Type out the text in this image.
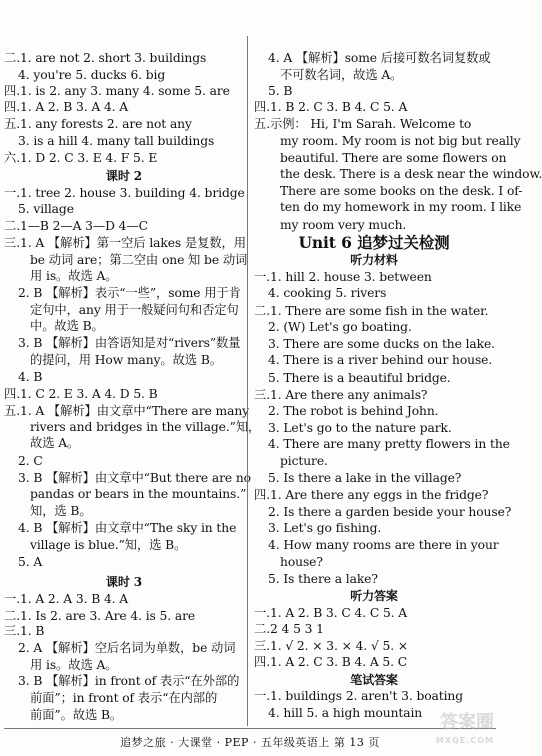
二.1. are not 2. short 3. buildings
4. you're 5. ducks 6. big
四.1. is 2. any 3. many 4. some 5. are
四.1. A 2. B 3. A 4. A
五.1. any forests 2. are not any
3. is a hill 4. many tall buildings
六.1. D 2. C 3. E 4. F 5. E
课时 2
一.1. tree 2. house 3. building 4. bridge
5. village
二.1—B 2—A 3—D 4—C
三.1. A 【解析】第一空后 lakes 是复数，用
be 动词 are；第二空由 one 知 be 动词
用 is。故选 A。
2. B 【解析】表示“一些”，some 用于肯
定句中，any 用于一般疑问句和否定句
中。故选 B。
3. B 【解析】由答语知是对“rivers”数量
的提问，用 How many。故选 B。
4. B
四.1. C 2. E 3. A 4. D 5. B
五.1. A 【解析】由文章中“There are many
rivers and bridges in the village.”知，
故选 A。
2. C
3. B 【解析】由文章中“But there are no
pandas or bears in the mountains.”
知，选 B。
4. B 【解析】由文章中“The sky in the
village is blue.”知，选 B。
5. A
课时 3
一.1. A 2. A 3. B 4. A
二.1. Is 2. are 3. Are 4. is 5. are
三.1. B
2. A 【解析】空后名词为单数，be 动词
用 is。故选 A。
3. B 【解析】in front of 表示“在外部的
前面”；in front of 表示“在内部的
前面”。故选 B。
4. A 【解析】some 后接可数名词复数或
不可数名词，故选 A。
5. B
四.1. B 2. C 3. B 4. C 5. A
五.示例： Hi, I'm Sarah. Welcome to
my room. My room is not big but really
beautiful. There are some flowers on
the desk. There is a desk near the window.
There are some books on the desk. I of-
ten do my homework in my room. I like
my room very much.
Unit 6 追梦过关检测
听力材料
一.1. hill 2. house 3. between
4. cooking 5. rivers
二.1. There are some fish in the water.
2. (W) Let's go boating.
3. There are some ducks on the lake.
4. There is a river behind our house.
5. There is a beautiful bridge.
三.1. Are there any animals?
2. The robot is behind John.
3. Let's go to the nature park.
4. There are many pretty flowers in the
picture.
5. Is there a lake in the village?
四.1. Are there any eggs in the fridge?
2. Is there a garden beside your house?
3. Let's go fishing.
4. How many rooms are there in your
house?
5. Is there a lake?
听力答案
一.1. A 2. B 3. C 4. C 5. A
二.2 4 5 3 1
三.1. √ 2. × 3. × 4. √ 5. ×
四.1. A 2. C 3. B 4. A 5. C
笔试答案
一.1. buildings 2. aren't 3. boating
4. hill 5. a high mountain
追梦之旅 · 大课堂 · PEP · 五年级英语上 第 13 页
答案圈
MXQE.COM
